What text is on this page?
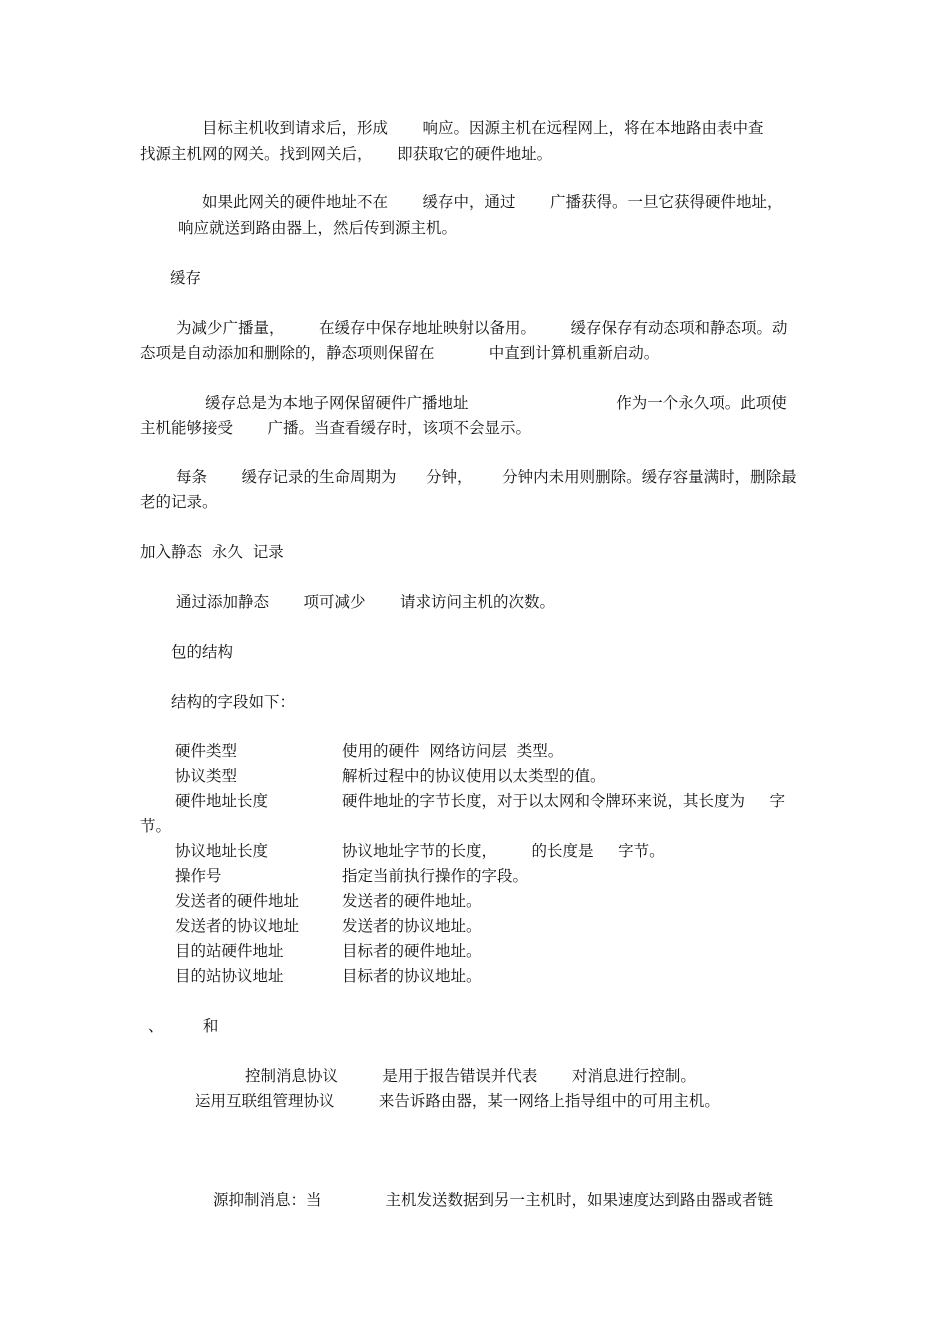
目标主机收到请求后，形成       响应。因源主机在远程网上，将在本地路由表中查
找源主机网的网关。找到网关后，     即获取它的硬件地址。
如果此网关的硬件地址不在       缓存中，通过       广播获得。一旦它获得硬件地址，
响应就送到路由器上，然后传到源主机。
缓存
为减少广播量，       在缓存中保存地址映射以备用。       缓存保存有动态项和静态项。动
态项是自动添加和删除的，静态项则保留在           中直到计算机重新启动。
缓存总是为本地子网保留硬件广播地址                              作为一个永久项。此项使
主机能够接受       广播。当查看缓存时，该项不会显示。
每条       缓存记录的生命周期为      分钟，      分钟内未用则删除。缓存容量满时，删除最
老的记录。
加入静态  永久  记录
通过添加静态       项可减少       请求访问主机的次数。
包的结构
结构的字段如下：
硬件类型	使用的硬件  网络访问层  类型。
协议类型	解析过程中的协议使用以太类型的值。
硬件地址长度	硬件地址的字节长度，对于以太网和令牌环来说，其长度为     字
节。
协议地址长度	协议地址字节的长度，       的长度是     字节。
操作号	指定当前执行操作的字段。
发送者的硬件地址	发送者的硬件地址。
发送者的协议地址	发送者的协议地址。
目的站硬件地址	目标者的硬件地址。
目的站协议地址	目标者的协议地址。
、        和
控制消息协议         是用于报告错误并代表       对消息进行控制。
运用互联组管理协议         来告诉路由器，某一网络上指导组中的可用主机。
源抑制消息：当             主机发送数据到另一主机时，如果速度达到路由器或者链
